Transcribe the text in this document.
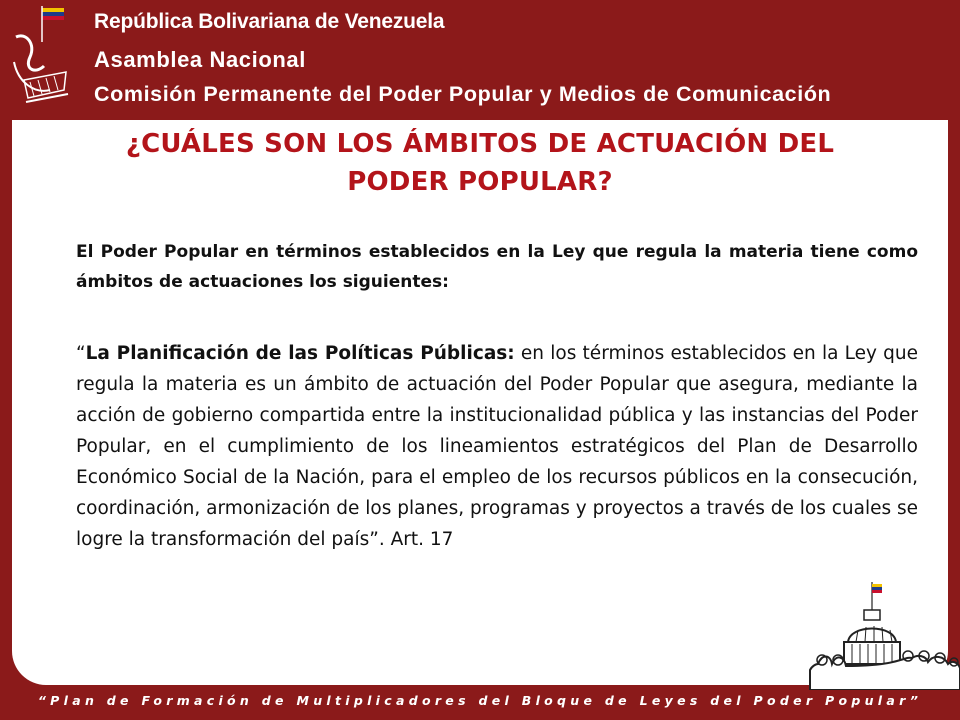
República Bolivariana de Venezuela
Asamblea Nacional
Comisión Permanente del Poder Popular y Medios de Comunicación
¿CUÁLES SON LOS ÁMBITOS DE ACTUACIÓN DEL PODER POPULAR?
El Poder Popular en términos establecidos en la Ley que regula la materia tiene como ámbitos de actuaciones los siguientes:
“La Planificación de las Políticas Públicas: en los términos establecidos en la Ley que regula la materia es un ámbito de actuación del Poder Popular que asegura, mediante la acción de gobierno compartida entre la institucionalidad pública y las instancias del Poder Popular, en el cumplimiento de los lineamientos estratégicos del Plan de Desarrollo Económico Social de la Nación, para el empleo de los recursos públicos en la consecución, coordinación, armonización de los planes, programas y proyectos a través de los cuales se logre la transformación del país”. Art. 17
“Plan de Formación de Multiplicadores del Bloque de Leyes del Poder Popular”
